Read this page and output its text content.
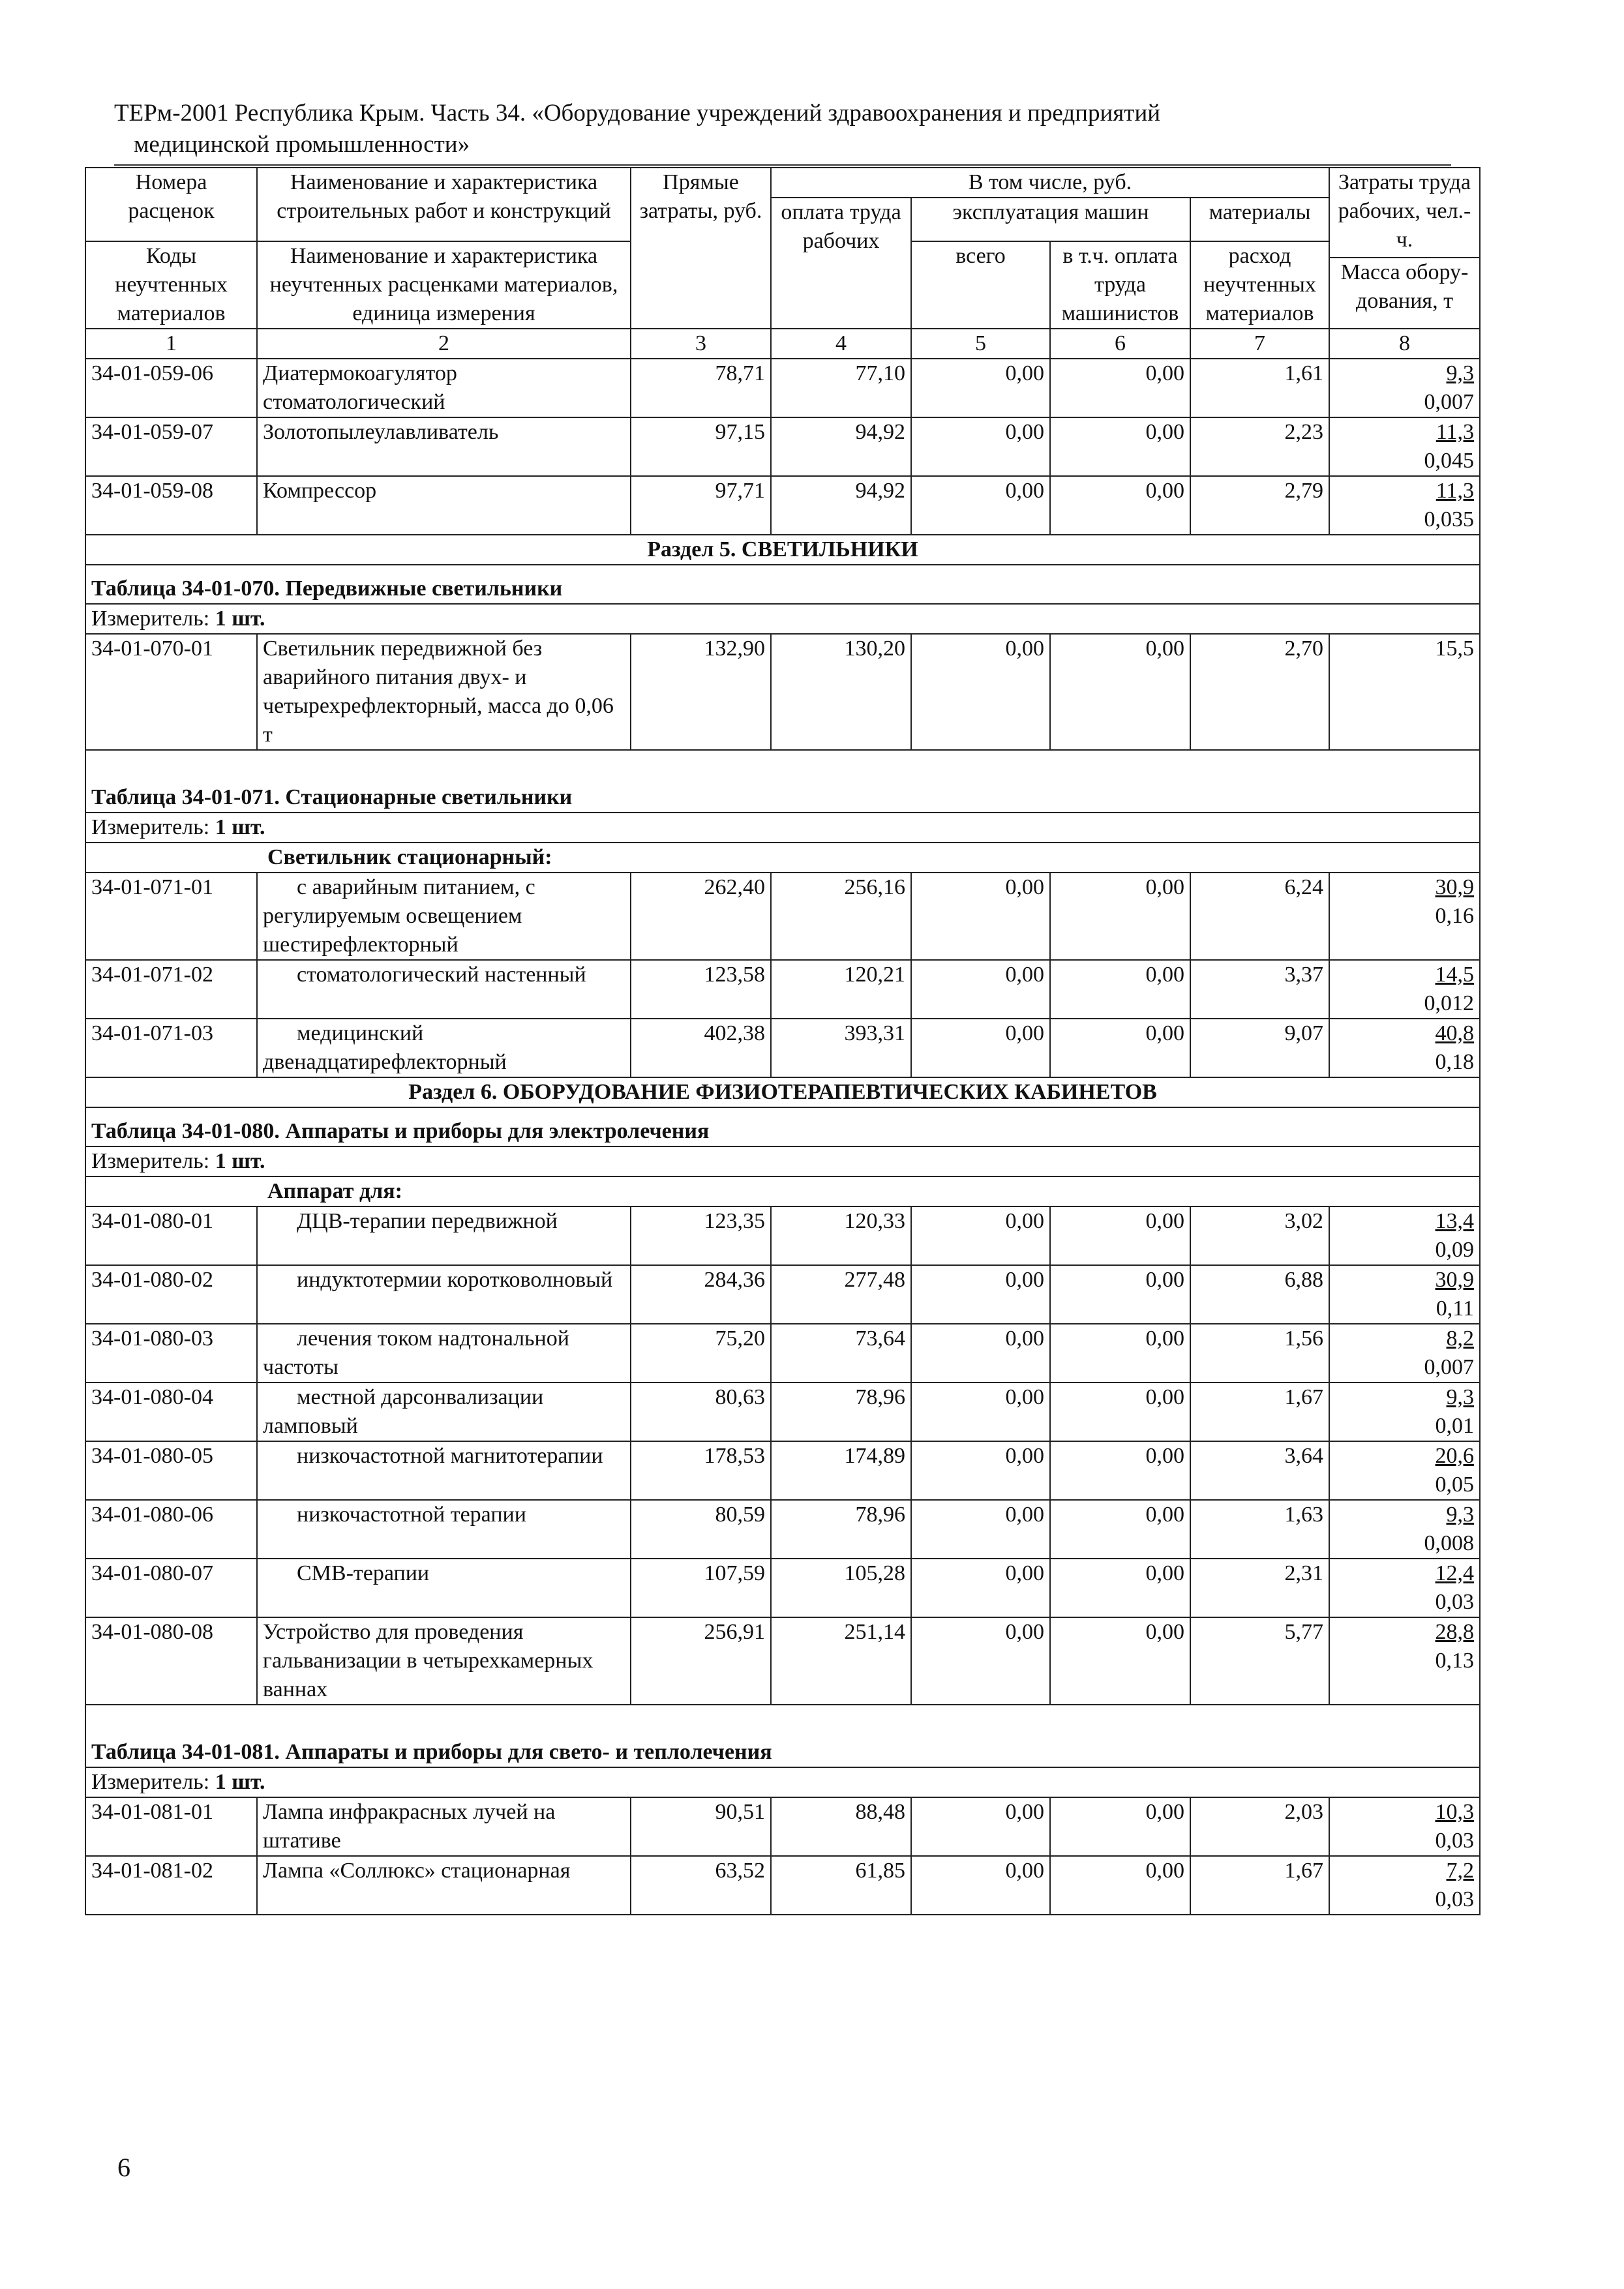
ТЕРм-2001 Республика Крым. Часть 34. «Оборудование учреждений здравоохранения и предприятий
медицинской промышленности»
Номера расценок	Наименование и характеристика строительных работ и конструкций	Прямые затраты, руб.	В том числе, руб.				Затраты труда рабочих, чел.-ч.
			оплата труда рабочих	эксплуатация машин		материалы	
Коды неучтенных материалов	Наименование и характеристика неучтенных расценками материалов, единица измерения			всего	в т.ч. оплата труда машинистов	расход неучтенных материалов	

							Масса обору-дования, т
1	2	3	4	5	6	7	8
34-01-059-06	Диатермокоагулятор стоматологический	78,71	77,10	0,00	0,00	1,61	9,3
0,007

34-01-059-07	Золотопылеулавливатель	97,15	94,92	0,00	0,00	2,23	11,3
0,045

34-01-059-08	Компрессор	97,71	94,92	0,00	0,00	2,79	11,3
0,035

Раздел 5. СВЕТИЛЬНИКИ							
Таблица 34-01-070. Передвижные светильники							
Измеритель: 1 шт.							
34-01-070-01	Светильник передвижной без аварийного питания двух- и четырехрефлекторный, масса до 0,06 т	132,90	130,20	0,00	0,00	2,70	15,5

Таблица 34-01-071. Стационарные светильники							
Измеритель: 1 шт.							
Светильник стационарный:							
34-01-071-01	с аварийным питанием, с регулируемым освещением шестирефлекторный	262,40	256,16	0,00	0,00	6,24	30,9
0,16

34-01-071-02	стоматологический настенный	123,58	120,21	0,00	0,00	3,37	14,5
0,012

34-01-071-03	медицинский двенадцатирефлекторный	402,38	393,31	0,00	0,00	9,07	40,8
0,18

Раздел 6. ОБОРУДОВАНИЕ ФИЗИОТЕРАПЕВТИЧЕСКИХ КАБИНЕТОВ							
Таблица 34-01-080. Аппараты и приборы для электролечения							
Измеритель: 1 шт.							
Аппарат для:							
34-01-080-01	ДЦВ-терапии передвижной	123,35	120,33	0,00	0,00	3,02	13,4
0,09

34-01-080-02	индуктотермии коротковолновый	284,36	277,48	0,00	0,00	6,88	30,9
0,11

34-01-080-03	лечения током надтональной частоты	75,20	73,64	0,00	0,00	1,56	8,2
0,007

34-01-080-04	местной дарсонвализации ламповый	80,63	78,96	0,00	0,00	1,67	9,3
0,01

34-01-080-05	низкочастотной магнитотерапии	178,53	174,89	0,00	0,00	3,64	20,6
0,05

34-01-080-06	низкочастотной терапии	80,59	78,96	0,00	0,00	1,63	9,3
0,008

34-01-080-07	СМВ-терапии	107,59	105,28	0,00	0,00	2,31	12,4
0,03

34-01-080-08	Устройство для проведения гальванизации в четырехкамерных ваннах	256,91	251,14	0,00	0,00	5,77	28,8
0,13

Таблица 34-01-081. Аппараты и приборы для свето- и теплолечения							
Измеритель: 1 шт.							
34-01-081-01	Лампа инфракрасных лучей на штативе	90,51	88,48	0,00	0,00	2,03	10,3
0,03

34-01-081-02	Лампа «Соллюкс» стационарная	63,52	61,85	0,00	0,00	1,67	7,2
0,03
6
